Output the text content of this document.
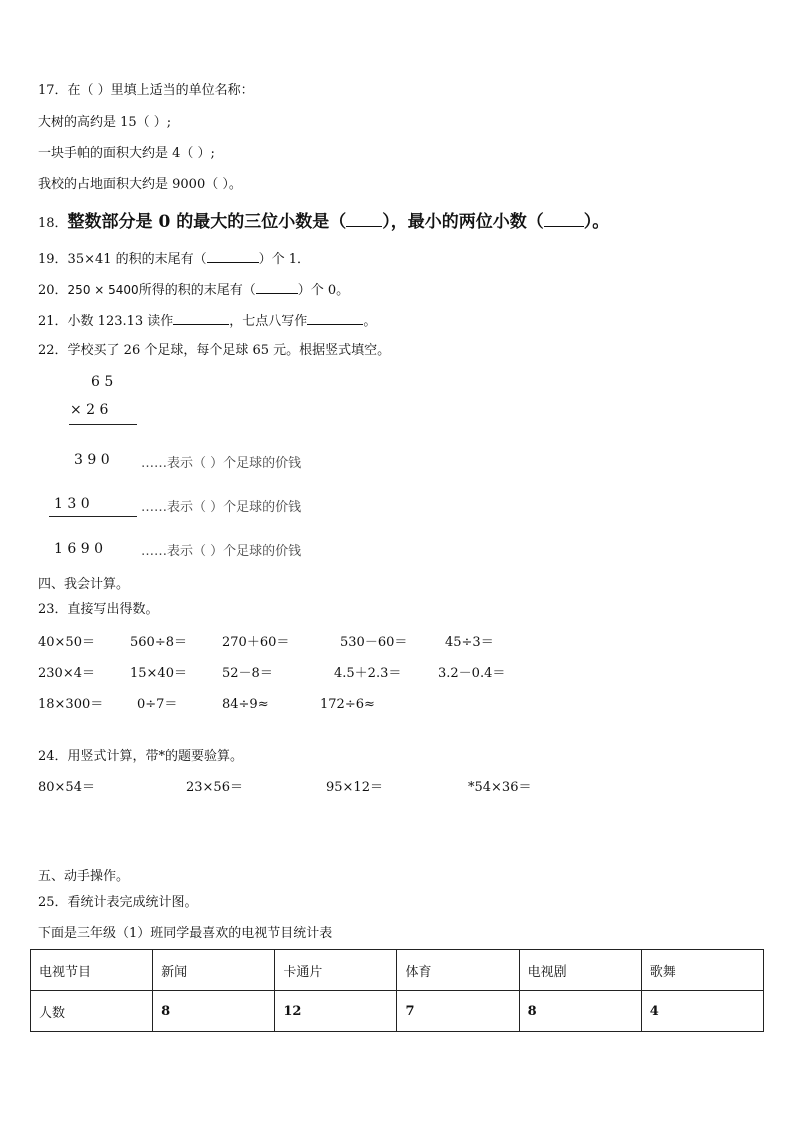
17．在（ ）里填上适当的单位名称：
大树的高约是 15（ ）;
一块手帕的面积大约是 4（ ）;
我校的占地面积大约是 9000（ ）。
18．整数部分是 0 的最大的三位小数是（ ），最小的两位小数（ ）。
19．35×41 的积的末尾有（	）个 1．
20．250 × 5400所得的积的末尾有（	）个 0。
21．小数 123.13 读作	，七点八写作	。
22．学校买了 26 个足球，每个足球 65 元。根据竖式填空。
6 5
× 2 6
3 9 0 ……表示（ ）个足球的价钱
1 3 0	……表示（ ）个足球的价钱
1 6 9 0	……表示（ ）个足球的价钱
四、我会计算。
23．直接写出得数。
40×50＝	560÷8＝	270＋60＝	530－60＝	45÷3＝
230×4＝	15×40＝	52－8＝	4.5＋2.3＝	3.2－0.4＝
18×300＝	0÷7＝	84÷9≈	172÷6≈
24．用竖式计算，带*的题要验算。
80×54＝	23×56＝	95×12＝	*54×36＝
五、动手操作。
25．看统计表完成统计图。
下面是三年级（1）班同学最喜欢的电视节目统计表
电视节目	新闻	卡通片	体育	电视剧	歌舞
人数	8	12	7	8	4
